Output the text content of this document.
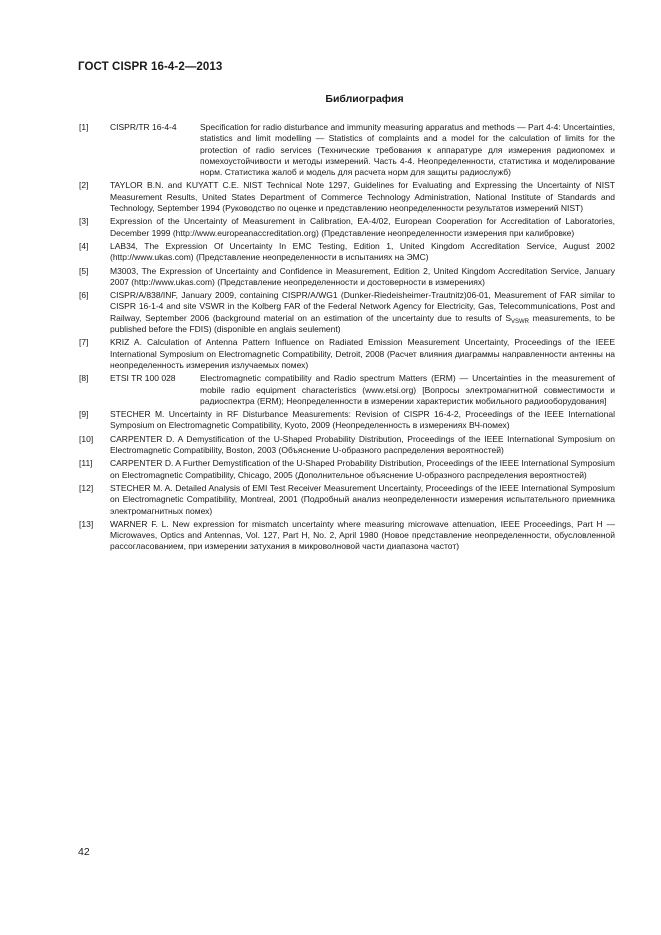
ГОСТ CISPR 16-4-2—2013
Библиография
[1]	CISPR/TR 16-4-4	Specification for radio disturbance and immunity measuring apparatus and methods — Part 4-4: Uncertainties, statistics and limit modelling — Statistics of complaints and a model for the calculation of limits for the protection of radio services (Технические требования к аппаратуре для измерения радиопомех и помехоустойчивости и методы измерений. Часть 4-4. Неопределенности, статистика и моделирование норм. Статистика жалоб и модель для расчета норм для защиты радиослужб)
[2]	TAYLOR B.N. and KUYATT C.E. NIST Technical Note 1297, Guidelines for Evaluating and Expressing the Uncertainty of NIST Measurement Results, United States Department of Commerce Technology Administration, National Institute of Standards and Technology, September 1994 (Руководство по оценке и представлению неопределенности результатов измерений NIST)
[3]	Expression of the Uncertainty of Measurement in Calibration, EA-4/02, European Cooperation for Accreditation of Laboratories, December 1999 (http://www.europeanaccreditation.org) (Представление неопределенности измерения при калибровке)
[4]	LAB34, The Expression Of Uncertainty In EMC Testing, Edition 1, United Kingdom Accreditation Service, August 2002 (http://www.ukas.com) (Представление неопределенности в испытаниях на ЭМС)
[5]	M3003, The Expression of Uncertainty and Confidence in Measurement, Edition 2, United Kingdom Accreditation Service, January 2007 (http://www.ukas.com) (Представление неопределенности и достоверности в измерениях)
[6]	CISPR/A/838/INF, January 2009, containing CISPR/A/WG1 (Dunker-Riedeisheimer-Trautnitz)06-01, Measurement of FAR similar to CISPR 16-1-4 and site VSWR in the Kolberg FAR of the Federal Network Agency for Electricity, Gas, Telecommunications, Post and Railway, September 2006 (background material on an estimation of the uncertainty due to results of $S_{VSWR}$ measurements, to be published before the FDIS) (disponible en anglais seulement)
[7]	KRIZ A. Calculation of Antenna Pattern Influence on Radiated Emission Measurement Uncertainty, Proceedings of the IEEE International Symposium on Electromagnetic Compatibility, Detroit, 2008 (Расчет влияния диаграммы направленности антенны на неопределенность измерения излучаемых помех)
[8]	ETSI TR 100 028	Electromagnetic compatibility and Radio spectrum Matters (ERM) — Uncertainties in the measurement of mobile radio equipment characteristics (www.etsi.org) [Вопросы электромагнитной совместимости и радиоспектра (ERM); Неопределенности в измерении характеристик мобильного радиооборудования]
[9]	STECHER M. Uncertainty in RF Disturbance Measurements: Revision of CISPR 16-4-2, Proceedings of the IEEE International Symposium on Electromagnetic Compatibility, Kyoto, 2009 (Неопределенность в измерениях ВЧ-помех)
[10] CARPENTER D. A Demystification of the U-Shaped Probability Distribution, Proceedings of the IEEE International Symposium on Electromagnetic Compatibility, Boston, 2003 (Объяснение U-образного распределения вероятностей)
[11] CARPENTER D. A Further Demystification of the U-Shaped Probability Distribution, Proceedings of the IEEE International Symposium on Electromagnetic Compatibility, Chicago, 2005 (Дополнительное объяснение U-образного распределения вероятностей)
[12] STECHER M. A. Detailed Analysis of EMI Test Receiver Measurement Uncertainty, Proceedings of the IEEE International Symposium on Electromagnetic Compatibility, Montreal, 2001 (Подробный анализ неопределенности измерения испытательного приемника электромагнитных помех)
[13] WARNER F. L. New expression for mismatch uncertainty where measuring microwave attenuation, IEEE Proceedings, Part H — Microwaves, Optics and Antennas, Vol. 127, Part H, No. 2, April 1980 (Новое представление неопределенности, обусловленной рассогласованием, при измерении затухания в микроволновой части диапазона частот)
42
